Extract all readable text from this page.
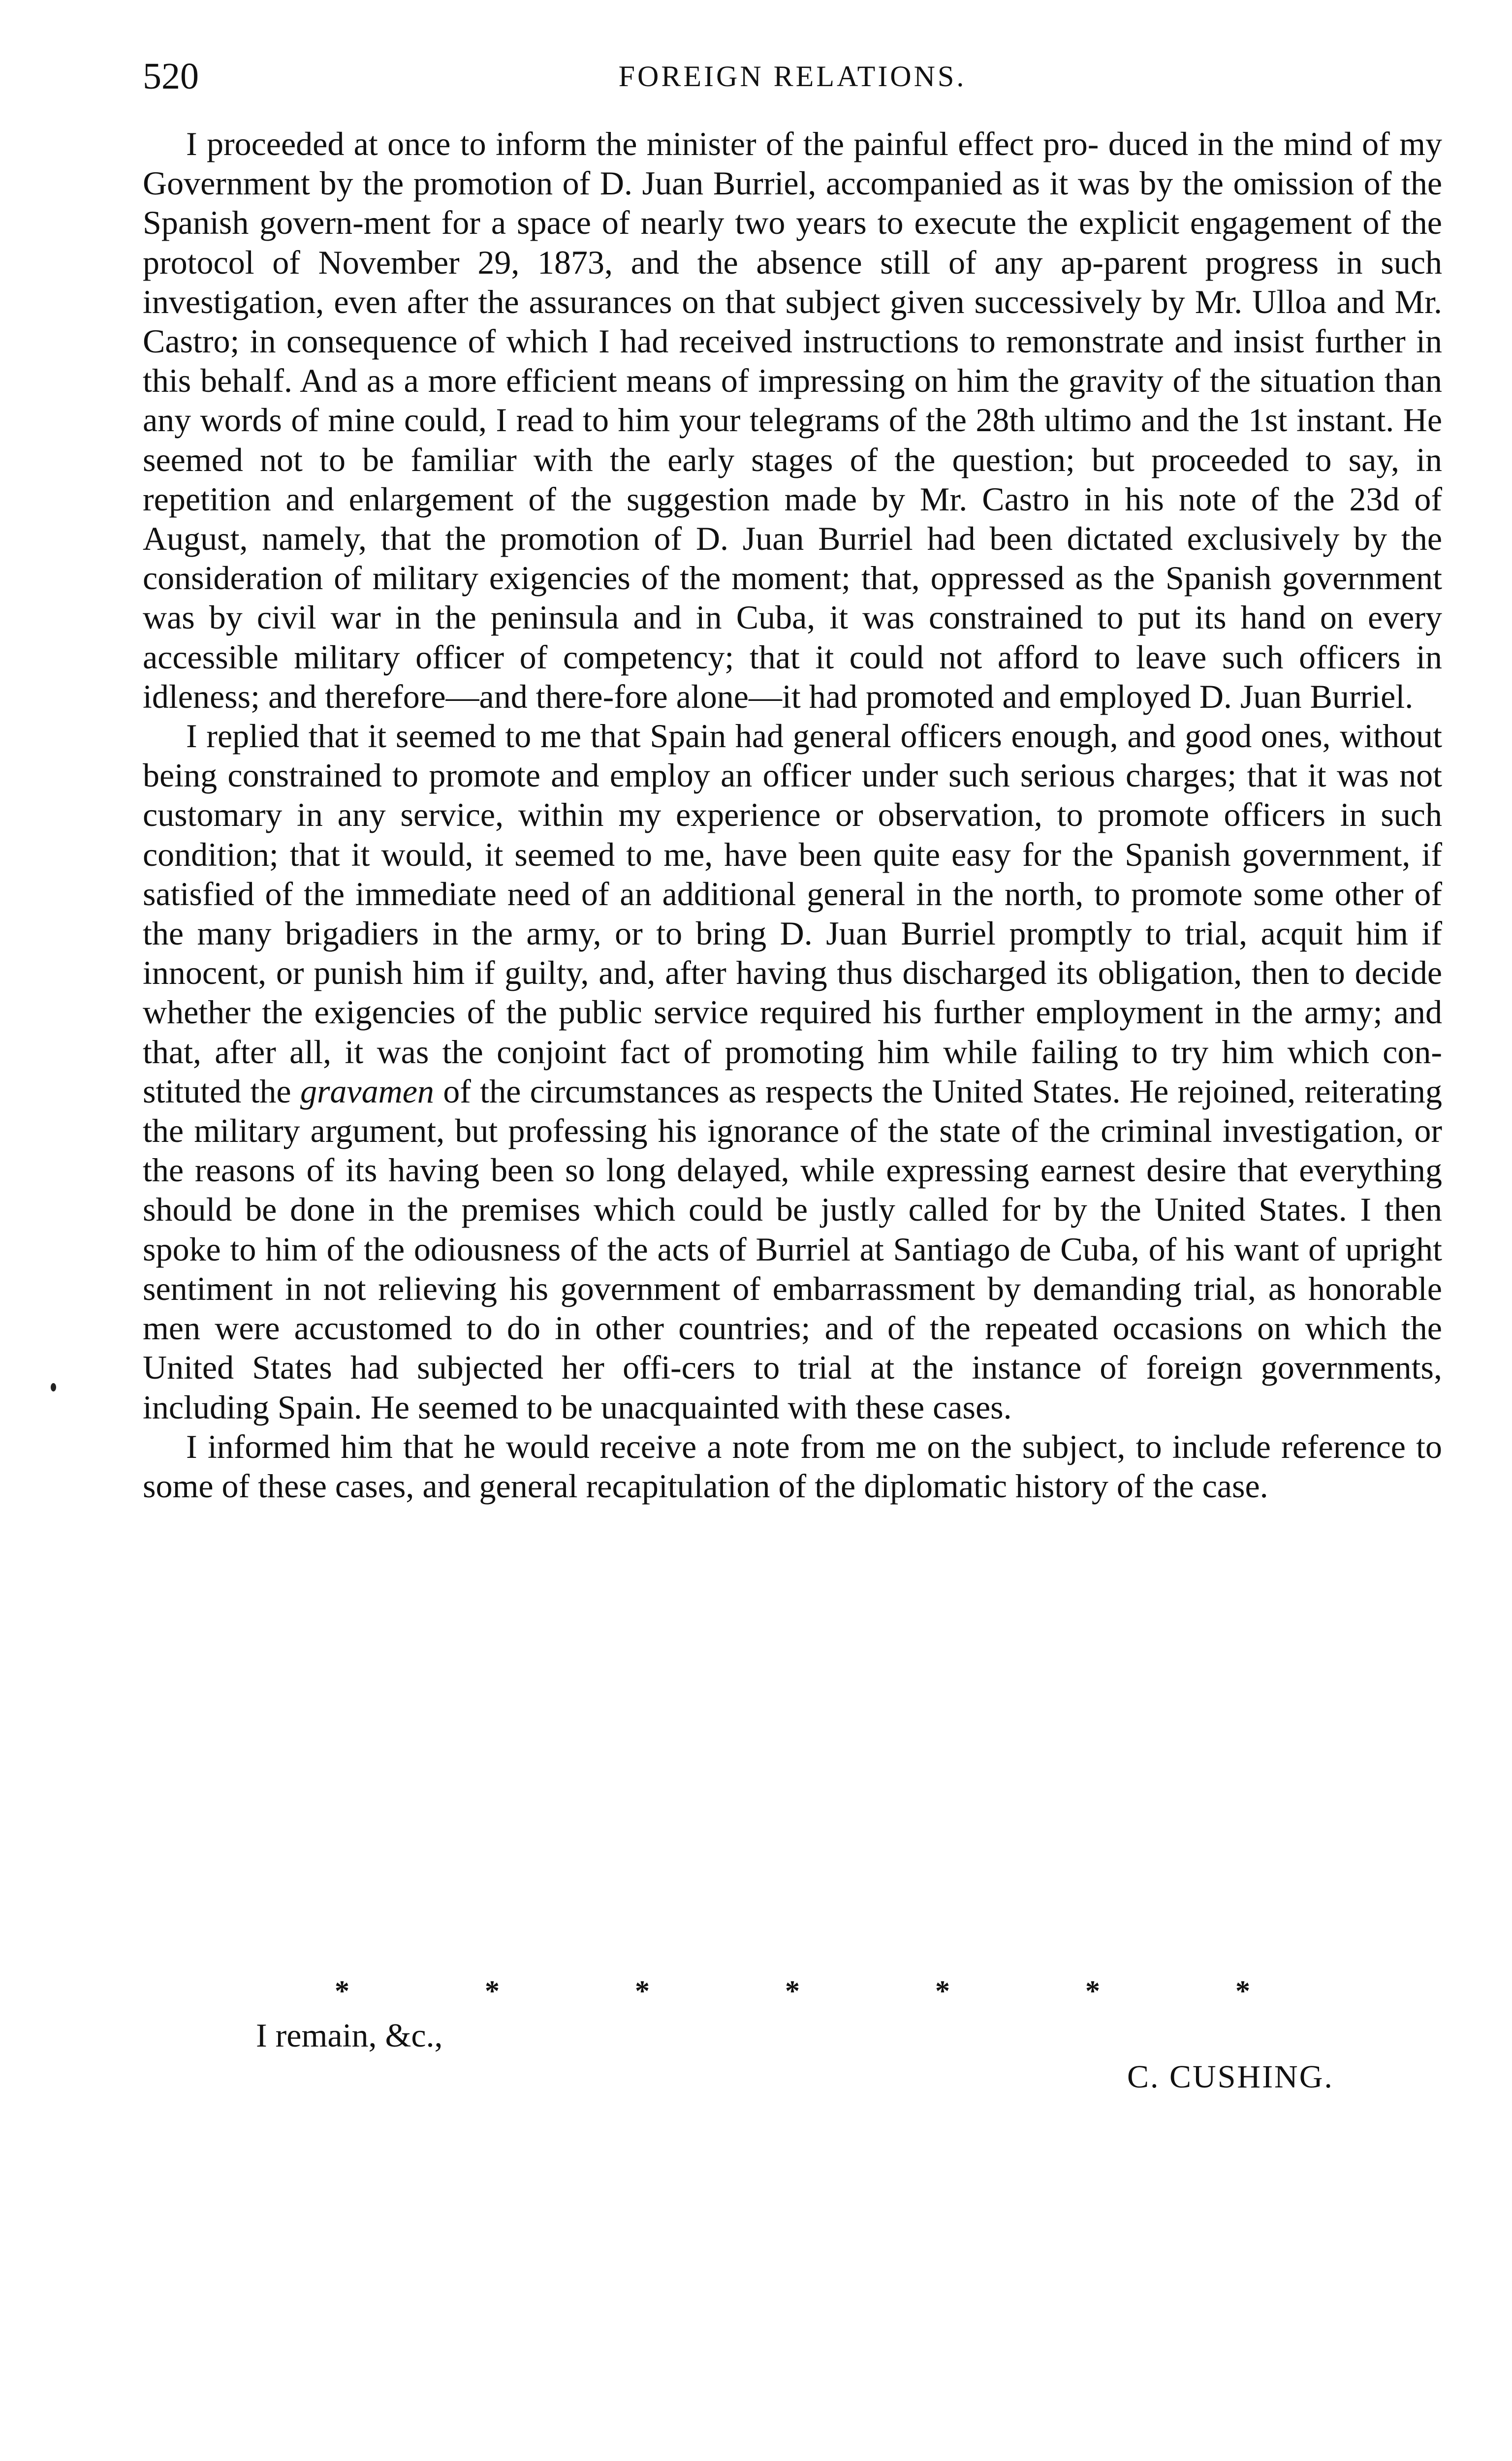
520	FOREIGN RELATIONS.

I proceeded at once to inform the minister of the painful effect pro- duced in the mind of my Government by the promotion of D. Juan Burriel, accompanied as it was by the omission of the Spanish govern-ment for a space of nearly two years to execute the explicit engagement of the protocol of November 29, 1873, and the absence still of any ap-parent progress in such investigation, even after the assurances on that subject given successively by Mr. Ulloa and Mr. Castro; in consequence of which I had received instructions to remonstrate and insist further in this behalf. And as a more efficient means of impressing on him the gravity of the situation than any words of mine could, I read to him your telegrams of the 28th ultimo and the 1st instant. He seemed not to be familiar with the early stages of the question; but proceeded to say, in repetition and enlargement of the suggestion made by Mr. Castro in his note of the 23d of August, namely, that the promotion of D. Juan Burriel had been dictated exclusively by the consideration of military exigencies of the moment; that, oppressed as the Spanish government was by civil war in the peninsula and in Cuba, it was constrained to put its hand on every accessible military officer of competency; that it could not afford to leave such officers in idleness; and therefore—and there-fore alone—it had promoted and employed D. Juan Burriel.

I replied that it seemed to me that Spain had general officers enough, and good ones, without being constrained to promote and employ an officer under such serious charges; that it was not customary in any service, within my experience or observation, to promote officers in such condition; that it would, it seemed to me, have been quite easy for the Spanish government, if satisfied of the immediate need of an additional general in the north, to promote some other of the many brigadiers in the army, or to bring D. Juan Burriel promptly to trial, acquit him if innocent, or punish him if guilty, and, after having thus discharged its obligation, then to decide whether the exigencies of the public service required his further employment in the army; and that, after all, it was the conjoint fact of promoting him while failing to try him which con-stituted the gravamen of the circumstances as respects the United States. He rejoined, reiterating the military argument, but professing his ignorance of the state of the criminal investigation, or the reasons of its having been so long delayed, while expressing earnest desire that everything should be done in the premises which could be justly called for by the United States. I then spoke to him of the odiousness of the acts of Burriel at Santiago de Cuba, of his want of upright sentiment in not relieving his government of embarrassment by demanding trial, as honorable men were accustomed to do in other countries; and of the repeated occasions on which the United States had subjected her offi-cers to trial at the instance of foreign governments, including Spain. He seemed to be unacquainted with these cases.

I informed him that he would receive a note from me on the subject, to include reference to some of these cases, and general recapitulation of the diplomatic history of the case.

*	*	*	*	*	*	*
I remain, &c.,
C. CUSHING.
